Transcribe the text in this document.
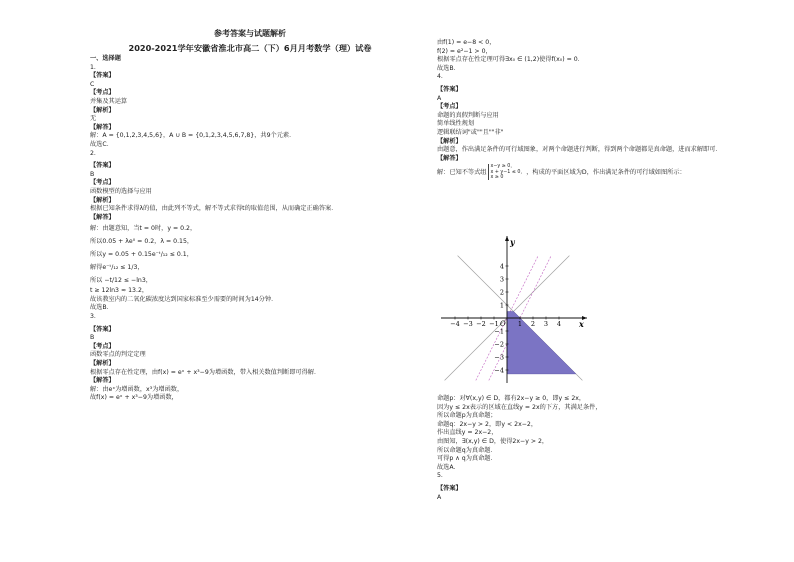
参考答案与试题解析
2020-2021学年安徽省淮北市高二（下）6月月考数学（理）试卷
一、选择题
1.
【答案】
C
【考点】
并集及其运算
【解析】
无
【解答】
解：A = {0,1,2,3,4,5,6}，A ∪ B = {0,1,2,3,4,5,6,7,8}，共9个元素．
故选C．
2.
【答案】
B
【考点】
函数模型的选择与应用
【解析】
根据已知条件求得λ的值，由此列不等式，解不等式求得t的取值范围，从而确定正确答案．
【解答】
解：由题意知，当t = 0时，y = 0.2，
所以0.05 + λe⁰ = 0.2，λ = 0.15，
所以y = 0.05 + 0.15e⁻ᵗ/₁₂ ≤ 0.1，
解得e⁻ᵗ/₁₂ ≤ 1/3，
所以 −t/12 ≤ −ln3，
t ≥ 12ln3 ≈ 13.2，
故该教室内的二氧化碳浓度达到国家标准至少需要的时间为14分钟．
故选B．
3.
【答案】
B
【考点】
函数零点的判定定理
【解析】
根据零点存在性定理，由f(x) = eˣ + x³−9为增函数，带入相关数值判断即可得解．
【解答】
解：由eˣ为增函数，x³为增函数，
故f(x) = eˣ + x³−9为增函数，
由f(1) = e−8 < 0，
f(2) = e²−1 > 0，
根据零点存在性定理可得∃x₀ ∈ (1,2)使得f(x₀) = 0．
故选B．
4.
【答案】
A
【考点】
命题的真假判断与应用
简单线性规划
逻辑联结词"或""且""非"
【解析】
由题意，作出满足条件的可行域图象，对两个命题进行判断，得到两个命题都是真命题，进而求解即可．
【解答】
解：已知不等式组
x−y ≥ 0，
x + y−1 ≤ 0，
x ≥ 0
，构成的平面区域为D，作出满足条件的可行域如图所示：
x
y
O
−4 −3 −2 −1	1 2 3 4
4
3
2
1
−1
−2
−3
−4
命题p：对∀(x,y) ∈ D，都有2x−y ≥ 0，即y ≤ 2x，
因为y ≤ 2x表示的区域在直线y = 2x的下方，其满足条件，
所以命题p为真命题；
命题q：2x−y > 2，即y < 2x−2，
作出直线y = 2x−2，
由图知，∃(x,y) ∈ D，使得2x−y > 2，
所以命题q为真命题．
可得p ∧ q为真命题．
故选A．
5.
【答案】
A
